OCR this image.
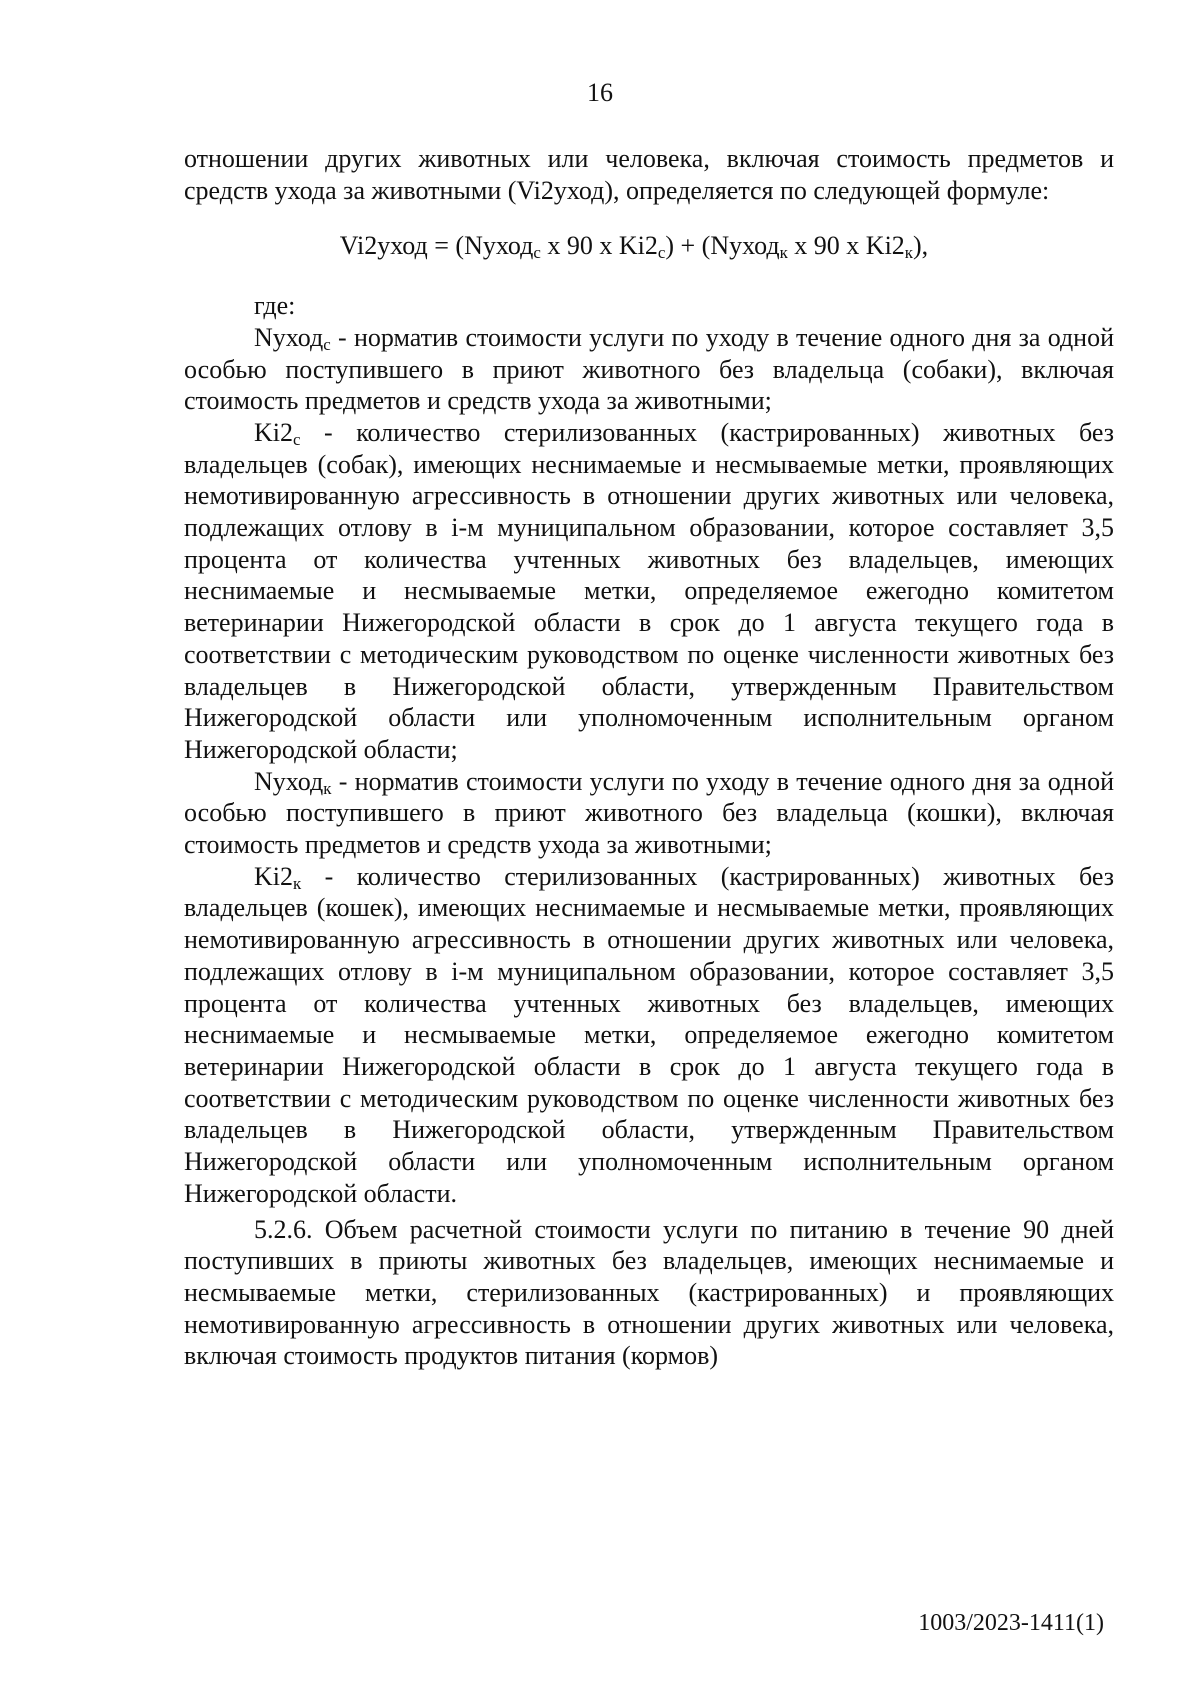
16

отношении других животных или человека, включая стоимость предметов и средств ухода за животными (Vi2уход), определяется по следующей формуле:

Vi2уход = (Nуход$_с$ x 90 x $Ki2_с$) + (Nуход$_к$ x 90 x $Ki2_к$),

где:

Nуход$_с$ - норматив стоимости услуги по уходу в течение одного дня за одной особью поступившего в приют животного без владельца (собаки), включая стоимость предметов и средств ухода за животными;

$Ki2_с$ - количество стерилизованных (кастрированных) животных без владельцев (собак), имеющих неснимаемые и несмываемые метки, проявляющих немотивированную агрессивность в отношении других животных или человека, подлежащих отлову в i-м муниципальном образовании, которое составляет 3,5 процента от количества учтенных животных без владельцев, имеющих неснимаемые и несмываемые метки, определяемое ежегодно комитетом ветеринарии Нижегородской области в срок до 1 августа текущего года в соответствии с методическим руководством по оценке численности животных без владельцев в Нижегородской области, утвержденным Правительством Нижегородской области или уполномоченным исполнительным органом Нижегородской области;

Nуход$_к$ - норматив стоимости услуги по уходу в течение одного дня за одной особью поступившего в приют животного без владельца (кошки), включая стоимость предметов и средств ухода за животными;

$Ki2_к$ - количество стерилизованных (кастрированных) животных без владельцев (кошек), имеющих неснимаемые и несмываемые метки, проявляющих немотивированную агрессивность в отношении других животных или человека, подлежащих отлову в i-м муниципальном образовании, которое составляет 3,5 процента от количества учтенных животных без владельцев, имеющих неснимаемые и несмываемые метки, определяемое ежегодно комитетом ветеринарии Нижегородской области в срок до 1 августа текущего года в соответствии с методическим руководством по оценке численности животных без владельцев в Нижегородской области, утвержденным Правительством Нижегородской области или уполномоченным исполнительным органом Нижегородской области.

5.2.6. Объем расчетной стоимости услуги по питанию в течение 90 дней поступивших в приюты животных без владельцев, имеющих неснимаемые и несмываемые метки, стерилизованных (кастрированных) и проявляющих немотивированную агрессивность в отношении других животных или человека, включая стоимость продуктов питания (кормов)

1003/2023-1411(1)
